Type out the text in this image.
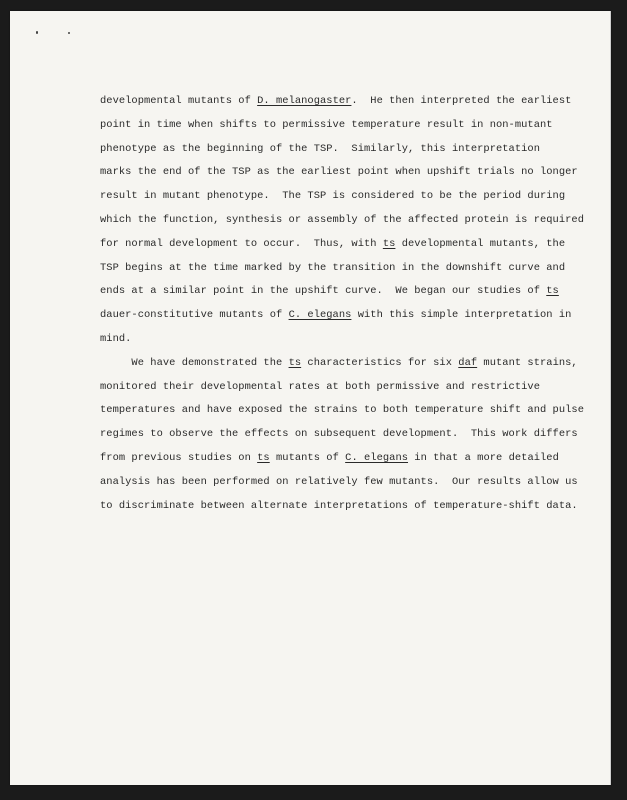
developmental mutants of D. melanogaster.  He then interpreted the earliest
point in time when shifts to permissive temperature result in non-mutant
phenotype as the beginning of the TSP.  Similarly, this interpretation
marks the end of the TSP as the earliest point when upshift trials no longer
result in mutant phenotype.  The TSP is considered to be the period during
which the function, synthesis or assembly of the affected protein is required
for normal development to occur.  Thus, with ts developmental mutants, the
TSP begins at the time marked by the transition in the downshift curve and
ends at a similar point in the upshift curve.  We began our studies of ts
dauer-constitutive mutants of C. elegans with this simple interpretation in
mind.
We have demonstrated the ts characteristics for six daf mutant strains,
monitored their developmental rates at both permissive and restrictive
temperatures and have exposed the strains to both temperature shift and pulse
regimes to observe the effects on subsequent development.  This work differs
from previous studies on ts mutants of C. elegans in that a more detailed
analysis has been performed on relatively few mutants.  Our results allow us
to discriminate between alternate interpretations of temperature-shift data.
